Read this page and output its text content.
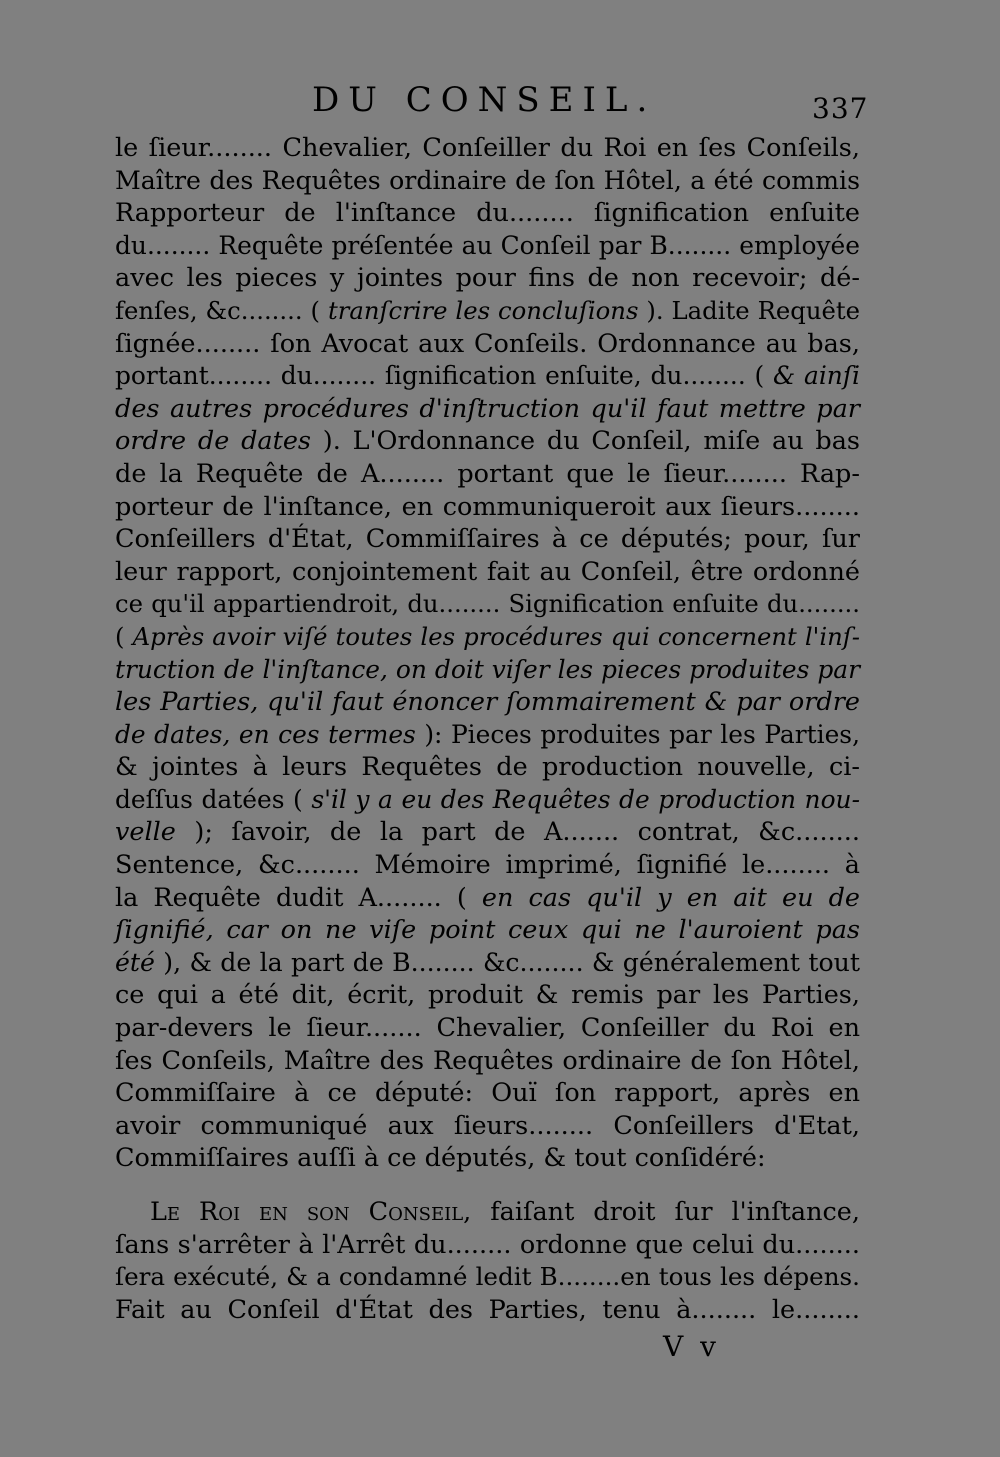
DU CONSEIL.	337
le ſieur........ Chevalier, Conſeiller du Roi en ſes Conſeils,
Maître des Requêtes ordinaire de ſon Hôtel, a été commis
Rapporteur de l'inſtance du........ ſignification enſuite
du........ Requête préſentée au Conſeil par B........ employée
avec les pieces y jointes pour fins de non recevoir; dé-
fenſes, &c........ ( tranſcrire les concluſions ). Ladite Requête
ſignée........ ſon Avocat aux Conſeils. Ordonnance au bas,
portant........ du........ ſignification enſuite, du........ ( & ainſi
des autres procédures d'inſtruction qu'il faut mettre par
ordre de dates ). L'Ordonnance du Conſeil, miſe au bas
de la Requête de A........ portant que le ſieur........ Rap-
porteur de l'inſtance, en communiqueroit aux ſieurs........
Conſeillers d'État, Commiſſaires à ce députés; pour, ſur
leur rapport, conjointement fait au Conſeil, être ordonné
ce qu'il appartiendroit, du........ Signification enſuite du........
( Après avoir viſé toutes les procédures qui concernent l'inſ-
truction de l'inſtance, on doit viſer les pieces produites par
les Parties, qu'il faut énoncer ſommairement & par ordre
de dates, en ces termes ): Pieces produites par les Parties,
& jointes à leurs Requêtes de production nouvelle, ci-
deſſus datées ( s'il y a eu des Requêtes de production nou-
velle ); ſavoir, de la part de A....... contrat, &c........
Sentence, &c........ Mémoire imprimé, ſignifié le........ à
la Requête dudit A........ ( en cas qu'il y en ait eu de
ſignifié, car on ne viſe point ceux qui ne l'auroient pas
été ), & de la part de B........ &c........ & généralement tout
ce qui a été dit, écrit, produit & remis par les Parties,
par-devers le ſieur....... Chevalier, Conſeiller du Roi en
ſes Conſeils, Maître des Requêtes ordinaire de ſon Hôtel,
Commiſſaire à ce député: Ouï ſon rapport, après en
avoir communiqué aux ſieurs........ Conſeillers d'Etat,
Commiſſaires auſſi à ce députés, & tout conſidéré:
Le Roi en son Conseil, faiſant droit ſur l'inſtance,
ſans s'arrêter à l'Arrêt du........ ordonne que celui du........
ſera exécuté, & a condamné ledit B........en tous les dépens.
Fait au Conſeil d'État des Parties, tenu à........ le........
V v
